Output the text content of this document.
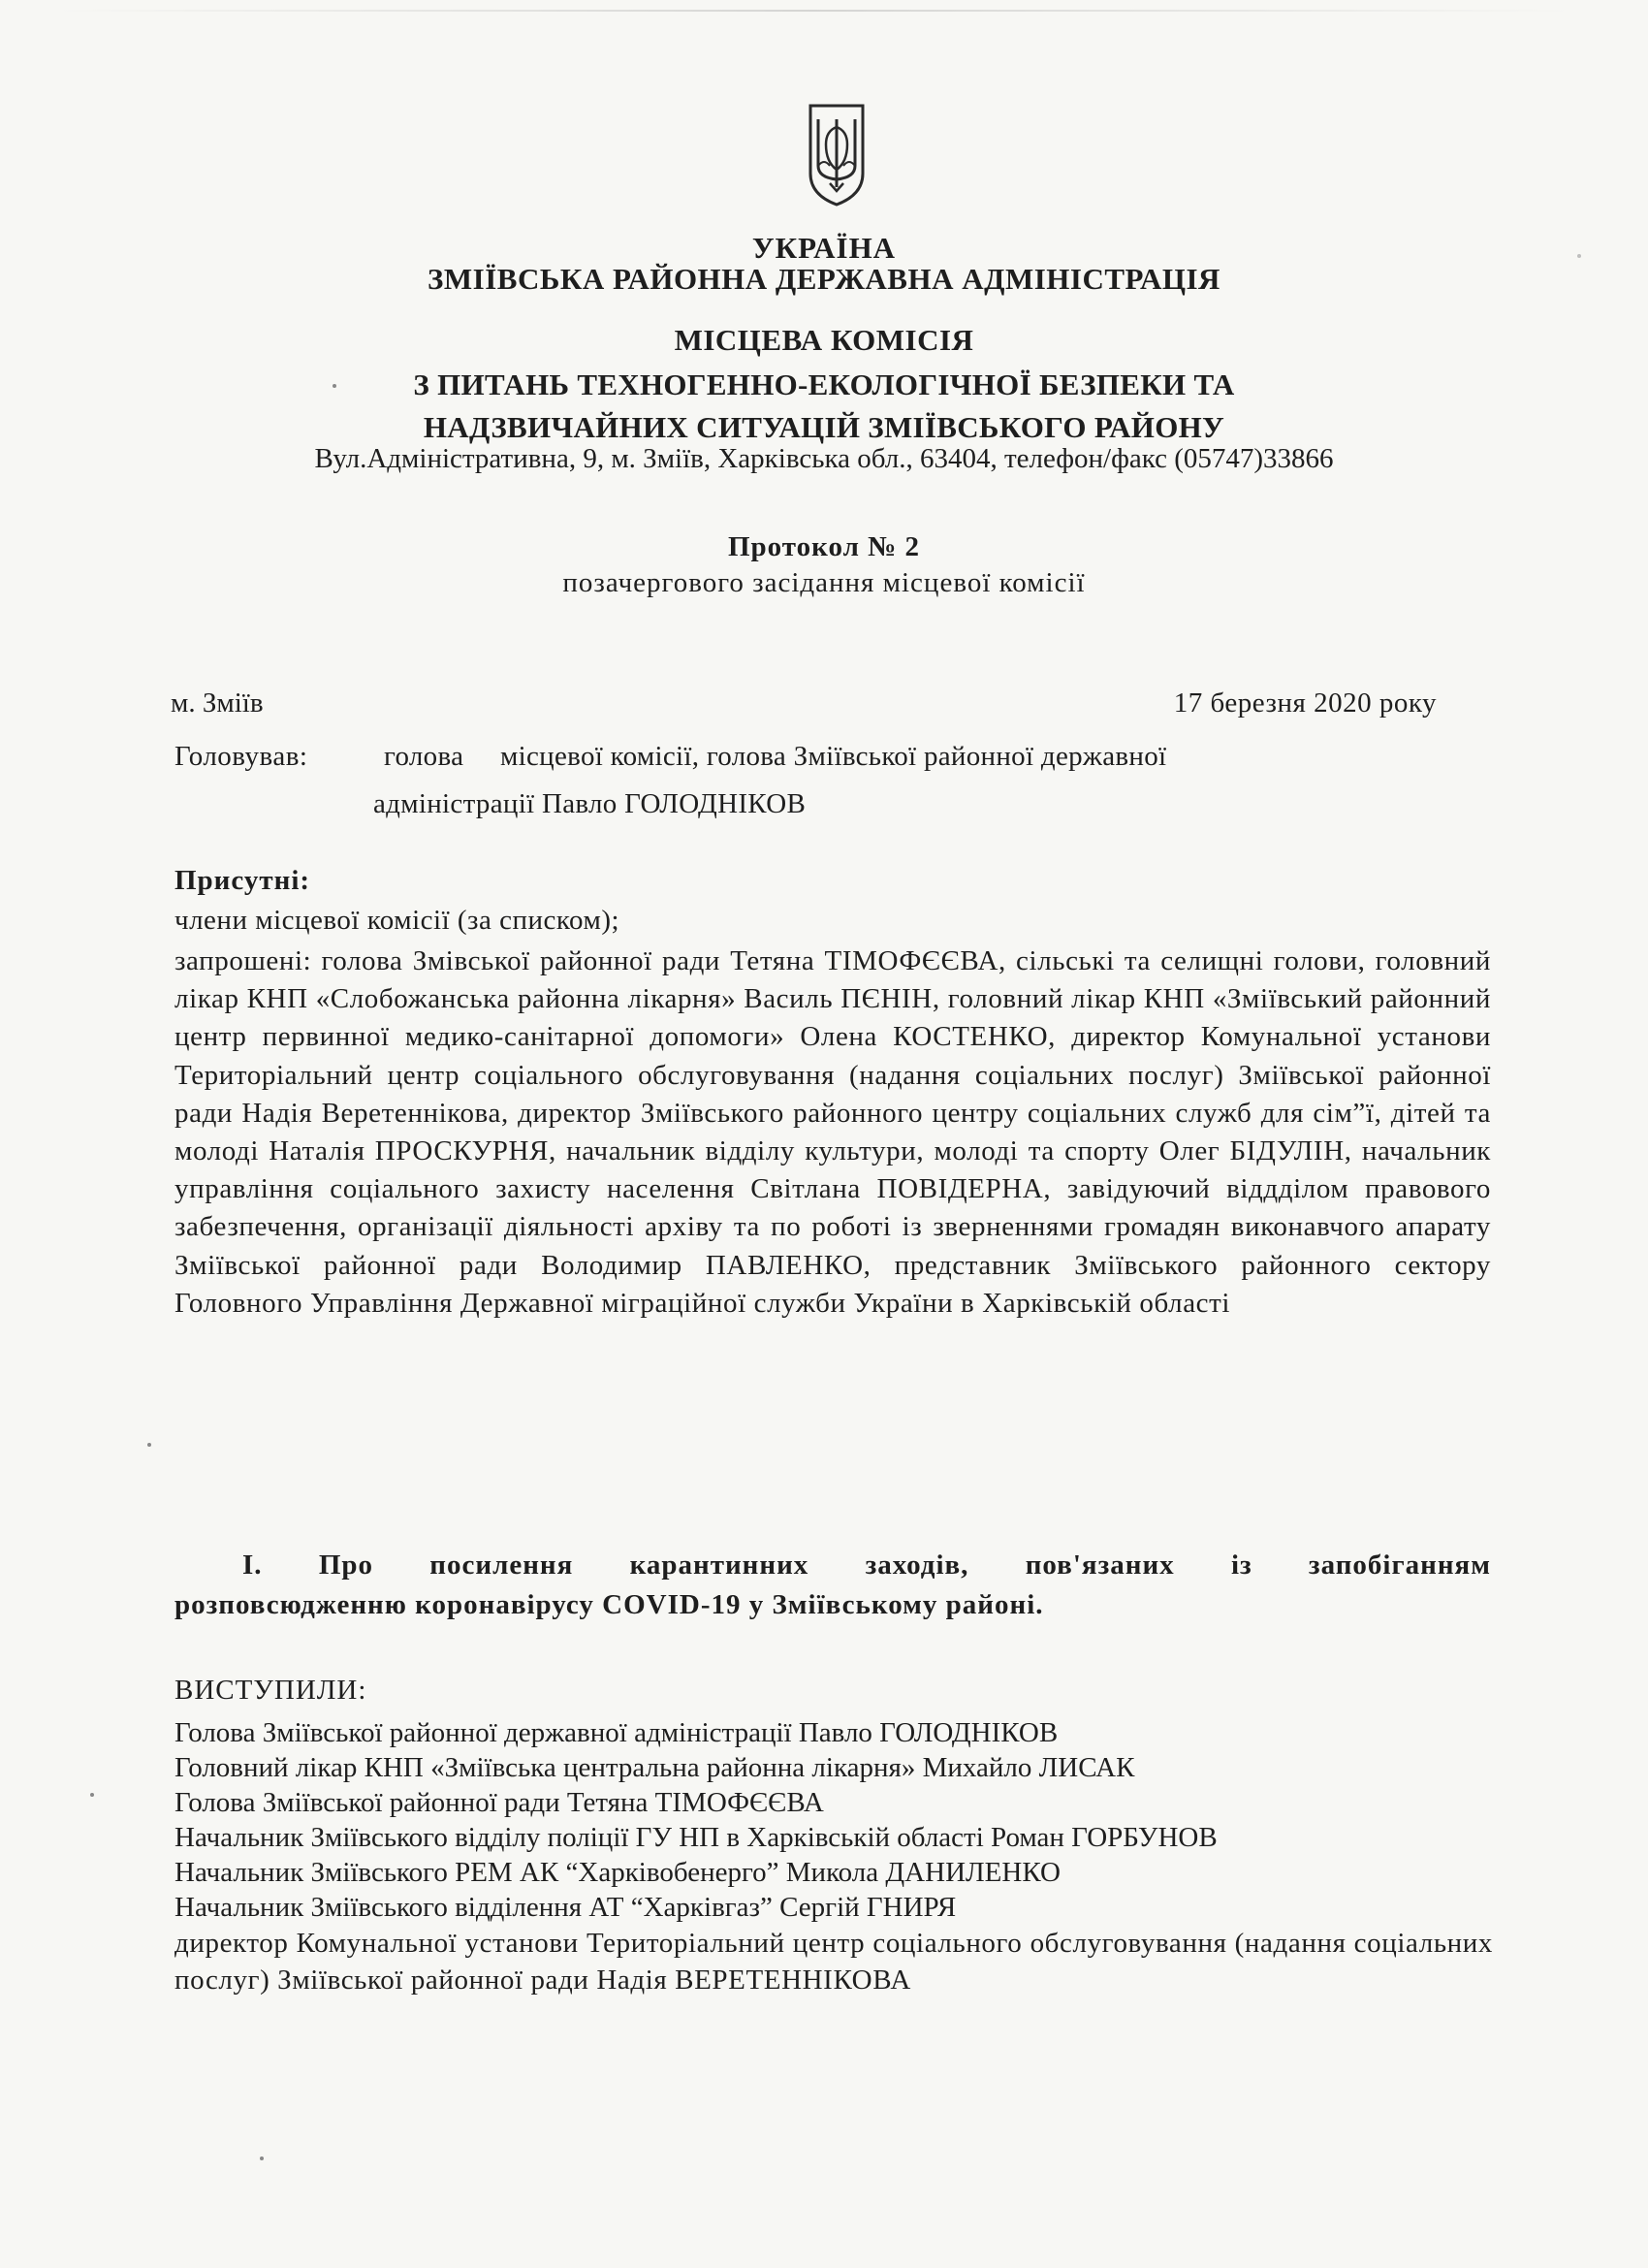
УКРАЇНА
ЗМІЇВСЬКА РАЙОННА ДЕРЖАВНА АДМІНІСТРАЦІЯ
МІСЦЕВА КОМІСІЯ
З ПИТАНЬ ТЕХНОГЕННО-ЕКОЛОГІЧНОЇ БЕЗПЕКИ ТА
НАДЗВИЧАЙНИХ СИТУАЦІЙ ЗМІЇВСЬКОГО РАЙОНУ
Вул.Адміністративна, 9, м. Зміїв, Харківська обл., 63404, телефон/факс (05747)33866
Протокол № 2
позачергового засідання місцевої комісії
м. Зміїв	17 березня 2020 року
Головував:	голова     місцевої комісії, голова Зміївської районної державної
адміністрації Павло ГОЛОДНІКОВ
Присутні:
члени місцевої комісії (за списком);
запрошені: голова Змівської районної ради Тетяна ТІМОФЄЄВА, сільські та селищні голови, головний лікар КНП «Слобожанська районна лікарня» Василь ПЄНІН, головний лікар КНП «Зміївський районний центр первинної медико-санітарної допомоги» Олена КОСТЕНКО, директор Комунальної установи Територіальний центр соціального обслуговування (надання соціальних послуг) Зміївської районної ради Надія Веретеннікова, директор Зміївського районного центру соціальних служб для сім”ї, дітей та молоді Наталія ПРОСКУРНЯ, начальник відділу культури, молоді та спорту Олег БІДУЛІН, начальник управління соціального захисту населення Світлана ПОВІДЕРНА, завідуючий віддділом правового забезпечення, організації діяльності архіву та по роботі із зверненнями громадян виконавчого апарату Зміївської районної ради Володимир ПАВЛЕНКО, представник Зміївського районного сектору Головного Управління Державної міграційної служби України в Харківській області
I. Про посилення карантинних заходів, пов'язаних із запобіганням
розповсюдженню коронавірусу COVID-19 у Зміївському районі.
ВИСТУПИЛИ:
Голова Зміївської районної державної адміністрації Павло ГОЛОДНІКОВ
Головний лікар КНП «Зміївська центральна районна лікарня» Михайло ЛИСАК
Голова Зміївської районної ради Тетяна ТІМОФЄЄВА
Начальник Зміївського відділу поліції ГУ НП в Харківській області Роман ГОРБУНОВ
Начальник Зміївського РЕМ АК “Харківобенерго” Микола ДАНИЛЕНКО
Начальник Зміївського відділення АТ “Харківгаз” Сергій ГНИРЯ
директор Комунальної установи Територіальний центр соціального обслуговування (надання соціальних послуг) Зміївської районної ради Надія ВЕРЕТЕННІКОВА
